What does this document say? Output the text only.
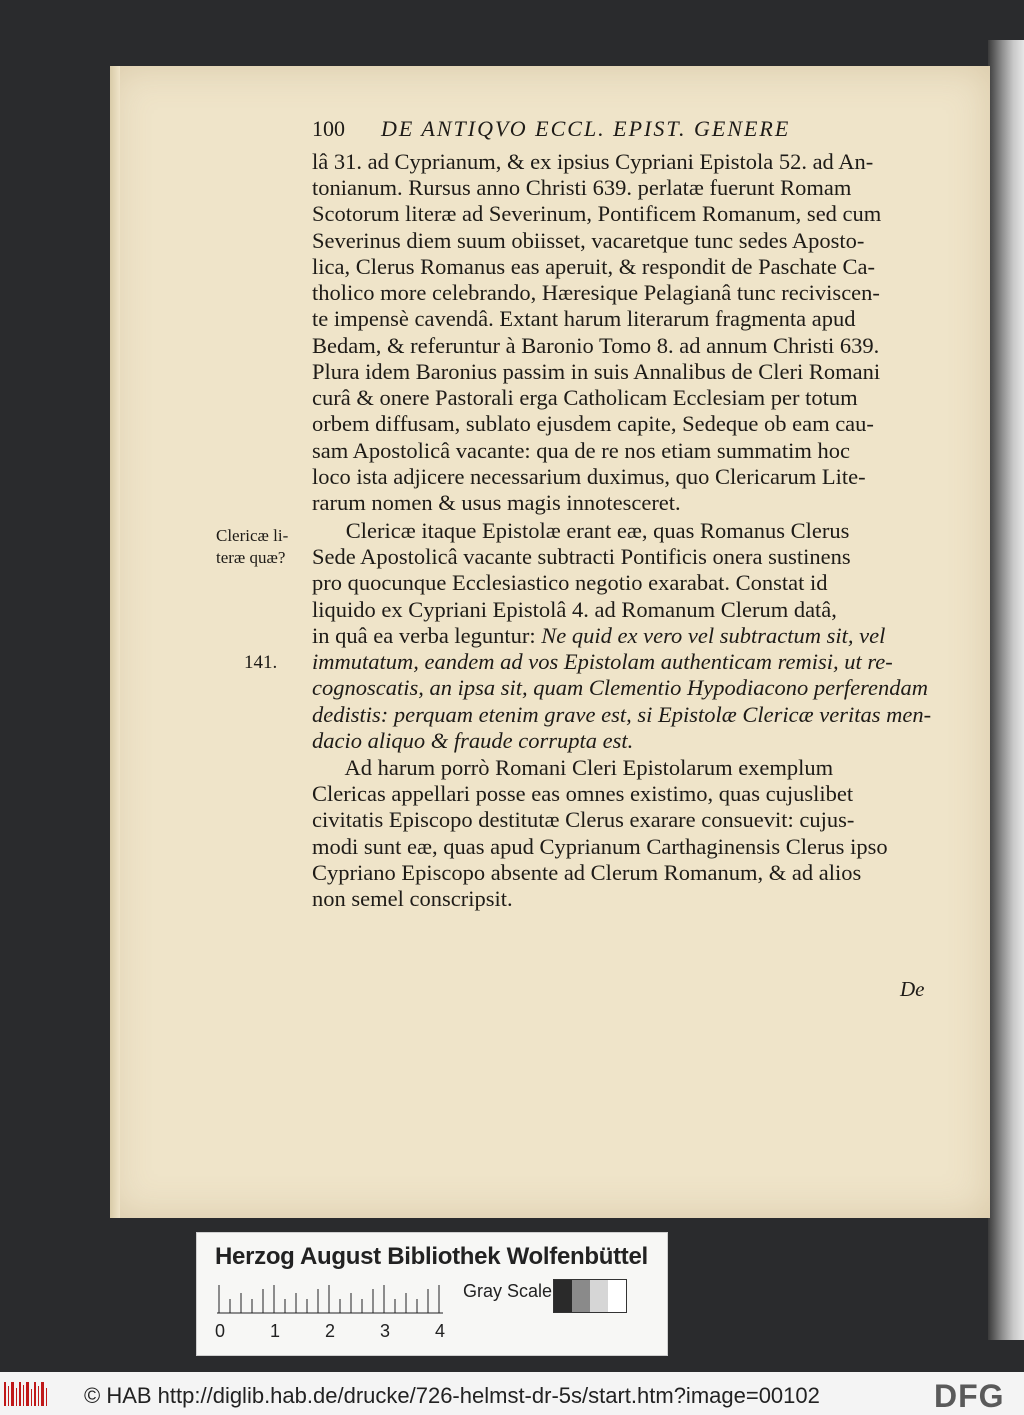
100 DE ANTIQVO ECCL. EPIST. GENERE
lâ 31. ad Cyprianum, & ex ipsius Cypriani Epistola 52. ad An-
tonianum. Rursus anno Christi 639. perlatæ fuerunt Romam
Scotorum literæ ad Severinum, Pontificem Romanum, sed cum
Severinus diem suum obiisset, vacaretque tunc sedes Aposto-
lica, Clerus Romanus eas aperuit, & respondit de Paschate Ca-
tholico more celebrando, Hæresique Pelagianâ tunc reciviscen-
te impensè cavendâ. Extant harum literarum fragmenta apud
Bedam, & referuntur à Baronio Tomo 8. ad annum Christi 639.
Plura idem Baronius passim in suis Annalibus de Cleri Romani
curâ & onere Pastorali erga Catholicam Ecclesiam per totum
orbem diffusam, sublato ejusdem capite, Sedeque ob eam cau-
sam Apostolicâ vacante: qua de re nos etiam summatim hoc
loco ista adjicere necessarium duximus, quo Clericarum Lite-
rarum nomen & usus magis innotesceret.
Clericæ itaque Epistolæ erant eæ, quas Romanus Clerus
Sede Apostolicâ vacante subtracti Pontificis onera sustinens
pro quocunque Ecclesiastico negotio exarabat. Constat id
liquido ex Cypriani Epistolâ 4. ad Romanum Clerum datâ,
in quâ ea verba leguntur: Ne quid ex vero vel subtractum sit, vel
immutatum, eandem ad vos Epistolam authenticam remisi, ut re-
cognoscatis, an ipsa sit, quam Clementio Hypodiacono perferendam
dedistis: perquam etenim grave est, si Epistolæ Clericæ veritas men-
dacio aliquo & fraude corrupta est.
Ad harum porrò Romani Cleri Epistolarum exemplum
Clericas appellari posse eas omnes existimo, quas cujuslibet
civitatis Episcopo destitutæ Clerus exarare consuevit: cujus-
modi sunt eæ, quas apud Cyprianum Carthaginensis Clerus ipso
Cypriano Episcopo absente ad Clerum Romanum, & ad alios
non semel conscripsit.
Clericæ li-
teræ quæ?
141.
De
Herzog August Bibliothek Wolfenbüttel
0 1 2 3 4
Gray Scale
© HAB http://diglib.hab.de/drucke/726-helmst-dr-5s/start.htm?image=00102	DFG
